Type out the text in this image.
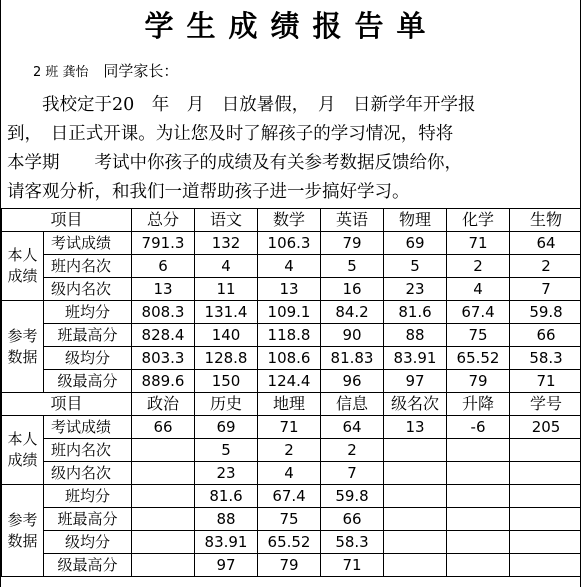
学生成绩报告单
2 班 龚怡 同学家长：

　　我校定于20　年　月　日放暑假，　月　日新学年开学报

到，　日正式开课。为让您及时了解孩子的学习情况，特将

本学期　　考试中你孩子的成绩及有关参考数据反馈给你，

请客观分析，和我们一道帮助孩子进一步搞好学习。

项目		总分	语文	数学	英语	物理	化学	生物
本人
成绩	考试成绩	791.3	132	106.3	79	69	71	64
	班内名次	6	4	4	5	5	2	2
	级内名次	13	11	13	16	23	4	7
参考
数据	班均分	808.3	131.4	109.1	84.2	81.6	67.4	59.8
	班最高分	828.4	140	118.8	90	88	75	66
	级均分	803.3	128.8	108.6	81.83	83.91	65.52	58.3
	级最高分	889.6	150	124.4	96	97	79	71
项目		政治	历史	地理	信息	级名次	升降	学号
本人
成绩	考试成绩	66	69	71	64	13	-6	205
	班内名次		5	2	2			
	级内名次		23	4	7			
参考
数据	班均分		81.6	67.4	59.8			
	班最高分		88	75	66			
	级均分		83.91	65.52	58.3			
	级最高分		97	79	71			
